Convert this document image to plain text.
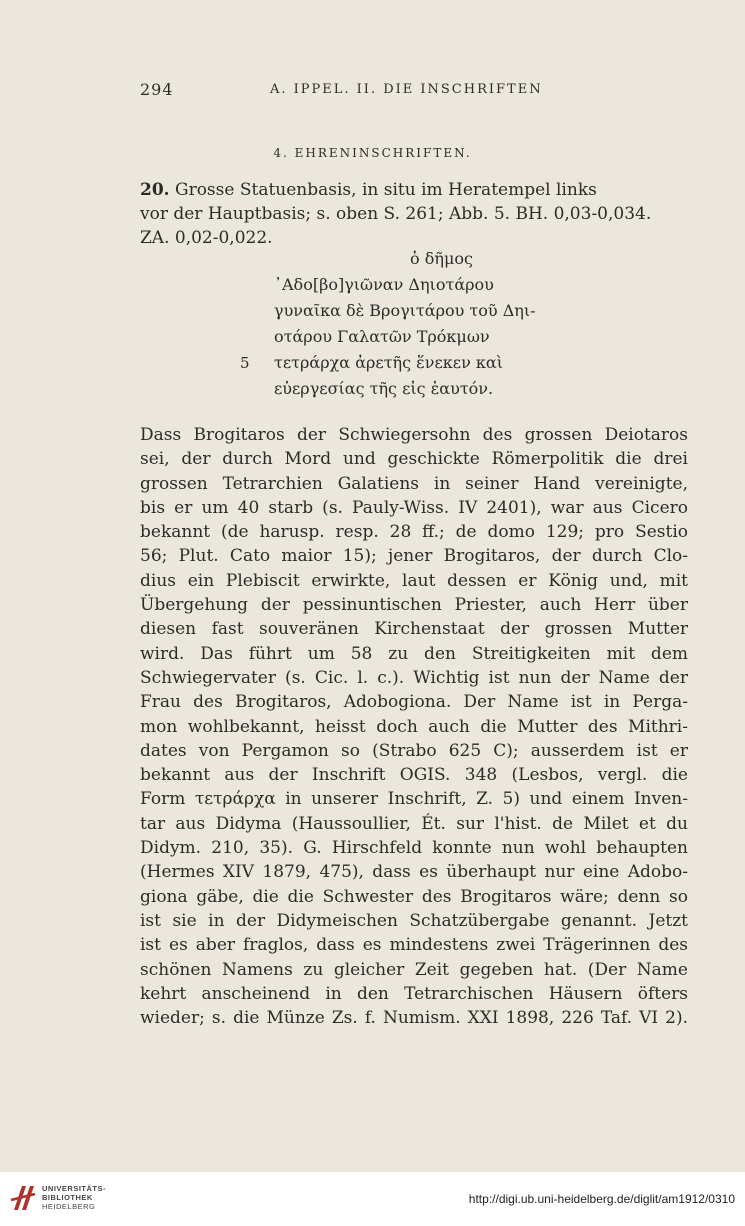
294	A. IPPEL. II. DIE INSCHRIFTEN
4. EHRENINSCHRIFTEN.
20. Grosse Statuenbasis, in situ im Heratempel links
vor der Hauptbasis; s. oben S. 261; Abb. 5. BH. 0,03-0,034.
ZA. 0,02-0,022.
ὁ δῆμος
᾿Αδο[βο]γιῶναν Δηιοτάρου
γυναῖκα δὲ Βρογιτάρου τοῦ Δηι-
οτάρου Γαλατῶν Τρόκμων
5 τετράρχα ἀρετῆς ἕνεκεν καὶ
εὐεργεσίας τῆς εἰς ἑαυτόν.
Dass Brogitaros der Schwiegersohn des grossen Deiotaros
sei, der durch Mord und geschickte Römerpolitik die drei
grossen Tetrarchien Galatiens in seiner Hand vereinigte,
bis er um 40 starb (s. Pauly-Wiss. IV 2401), war aus Cicero
bekannt (de harusp. resp. 28 ff.; de domo 129; pro Sestio
56; Plut. Cato maior 15); jener Brogitaros, der durch Clo-
dius ein Plebiscit erwirkte, laut dessen er König und, mit
Übergehung der pessinuntischen Priester, auch Herr über
diesen fast souveränen Kirchenstaat der grossen Mutter
wird. Das führt um 58 zu den Streitigkeiten mit dem
Schwiegervater (s. Cic. l. c.). Wichtig ist nun der Name der
Frau des Brogitaros, Adobogiona. Der Name ist in Perga-
mon wohlbekannt, heisst doch auch die Mutter des Mithri-
dates von Pergamon so (Strabo 625 C); ausserdem ist er
bekannt aus der Inschrift OGIS. 348 (Lesbos, vergl. die
Form τετράρχα in unserer Inschrift, Z. 5) und einem Inven-
tar aus Didyma (Haussoullier, Ét. sur l'hist. de Milet et du
Didym. 210, 35). G. Hirschfeld konnte nun wohl behaupten
(Hermes XIV 1879, 475), dass es überhaupt nur eine Adobo-
giona gäbe, die die Schwester des Brogitaros wäre; denn so
ist sie in der Didymeischen Schatzübergabe genannt. Jetzt
ist es aber fraglos, dass es mindestens zwei Trägerinnen des
schönen Namens zu gleicher Zeit gegeben hat. (Der Name
kehrt anscheinend in den Tetrarchischen Häusern öfters
wieder; s. die Münze Zs. f. Numism. XXI 1898, 226 Taf. VI 2).
UNIVERSITÄTS-
BIBLIOTHEK
HEIDELBERG
http://digi.ub.uni-heidelberg.de/diglit/am1912/0310
